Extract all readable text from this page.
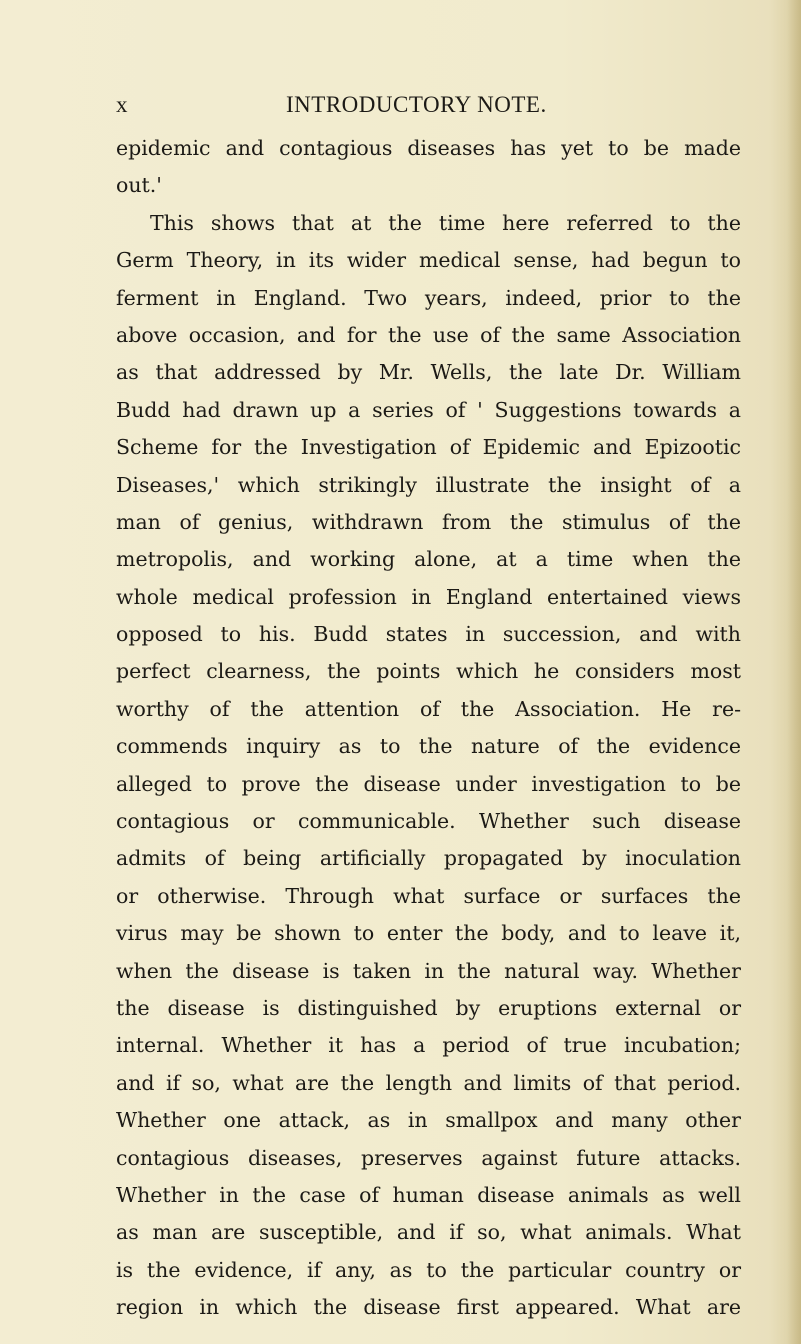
x	INTRODUCTORY NOTE.
epidemic and contagious diseases has yet to be made
out.'
This shows that at the time here referred to the
Germ Theory, in its wider medical sense, had begun to
ferment in England. Two years, indeed, prior to the
above occasion, and for the use of the same Association
as that addressed by Mr. Wells, the late Dr. William
Budd had drawn up a series of ' Suggestions towards a
Scheme for the Investigation of Epidemic and Epizootic
Diseases,' which strikingly illustrate the insight of a
man of genius, withdrawn from the stimulus of the
metropolis, and working alone, at a time when the
whole medical profession in England entertained views
opposed to his. Budd states in succession, and with
perfect clearness, the points which he considers most
worthy of the attention of the Association. He re-
commends inquiry as to the nature of the evidence
alleged to prove the disease under investigation to be
contagious or communicable. Whether such disease
admits of being artificially propagated by inoculation
or otherwise. Through what surface or surfaces the
virus may be shown to enter the body, and to leave it,
when the disease is taken in the natural way. Whether
the disease is distinguished by eruptions external or
internal. Whether it has a period of true incubation;
and if so, what are the length and limits of that period.
Whether one attack, as in smallpox and many other
contagious diseases, preserves against future attacks.
Whether in the case of human disease animals as well
as man are susceptible, and if so, what animals. What
is the evidence, if any, as to the particular country or
region in which the disease first appeared. What are
